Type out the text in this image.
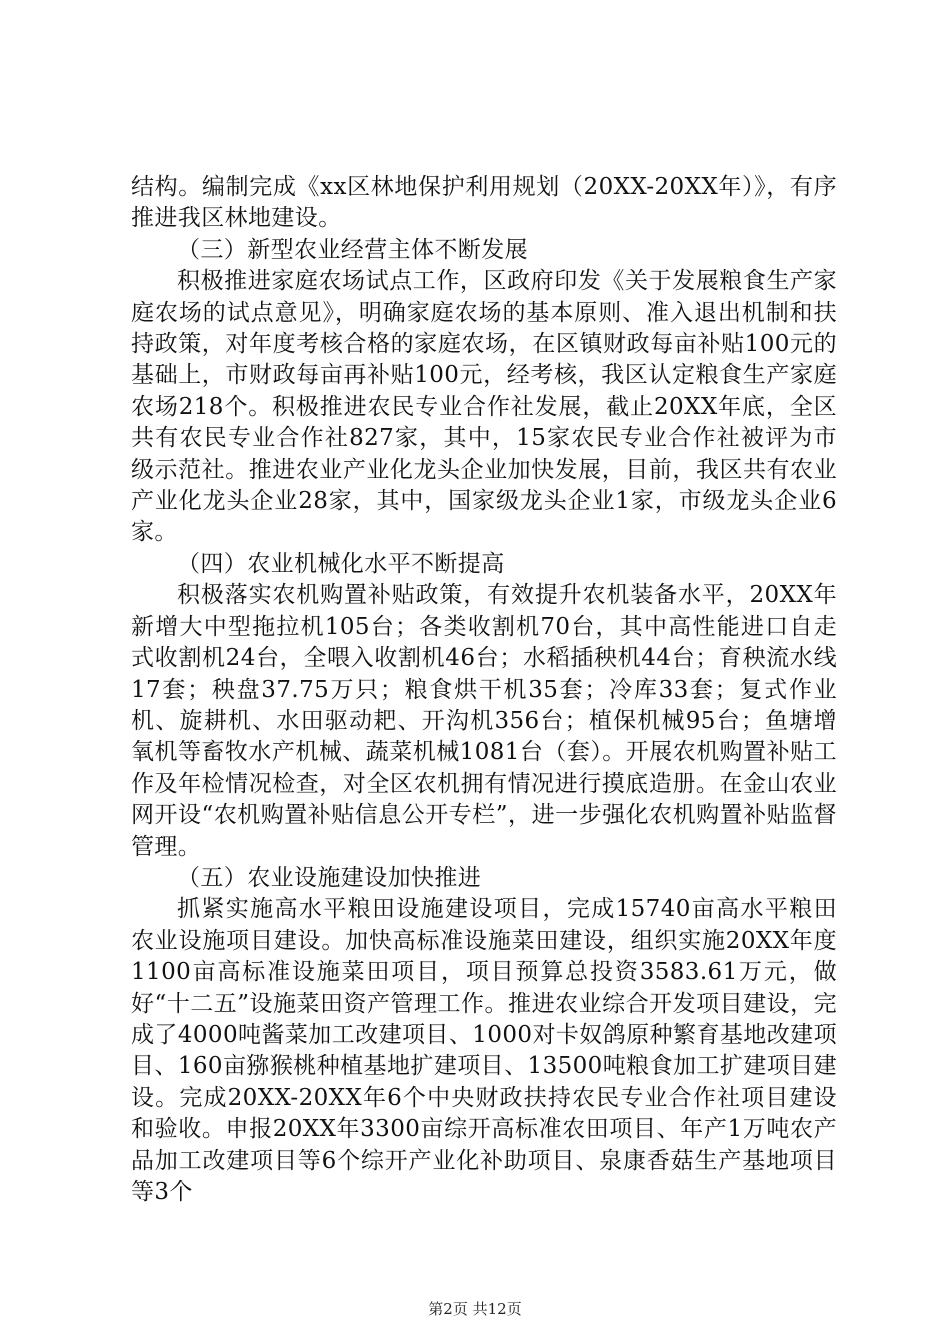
结构。编制完成《xx区林地保护利用规划（20XX-20XX年）》，有序推进我区林地建设。

（三）新型农业经营主体不断发展

积极推进家庭农场试点工作，区政府印发《关于发展粮食生产家庭农场的试点意见》，明确家庭农场的基本原则、准入退出机制和扶持政策，对年度考核合格的家庭农场，在区镇财政每亩补贴100元的基础上，市财政每亩再补贴100元，经考核，我区认定粮食生产家庭农场218个。积极推进农民专业合作社发展，截止20XX年底，全区共有农民专业合作社827家，其中，15家农民专业合作社被评为市级示范社。推进农业产业化龙头企业加快发展，目前，我区共有农业产业化龙头企业28家，其中，国家级龙头企业1家，市级龙头企业6家。

（四）农业机械化水平不断提高

积极落实农机购置补贴政策，有效提升农机装备水平，20XX年新增大中型拖拉机105台；各类收割机70台，其中高性能进口自走式收割机24台，全喂入收割机46台；水稻插秧机44台；育秧流水线17套；秧盘37.75万只；粮食烘干机35套；冷库33套；复式作业机、旋耕机、水田驱动耙、开沟机356台；植保机械95台；鱼塘增氧机等畜牧水产机械、蔬菜机械1081台（套）。开展农机购置补贴工作及年检情况检查，对全区农机拥有情况进行摸底造册。在金山农业网开设“农机购置补贴信息公开专栏”，进一步强化农机购置补贴监督管理。

（五）农业设施建设加快推进

抓紧实施高水平粮田设施建设项目，完成15740亩高水平粮田农业设施项目建设。加快高标准设施菜田建设，组织实施20XX年度1100亩高标准设施菜田项目，项目预算总投资3583.61万元，做好“十二五”设施菜田资产管理工作。推进农业综合开发项目建设，完成了4000吨酱菜加工改建项目、1000对卡奴鸽原种繁育基地改建项目、160亩猕猴桃种植基地扩建项目、13500吨粮食加工扩建项目建设。完成20XX-20XX年6个中央财政扶持农民专业合作社项目建设和验收。申报20XX年3300亩综开高标准农田项目、年产1万吨农产品加工改建项目等6个综开产业化补助项目、泉康香菇生产基地项目等3个

第2页 共12页
